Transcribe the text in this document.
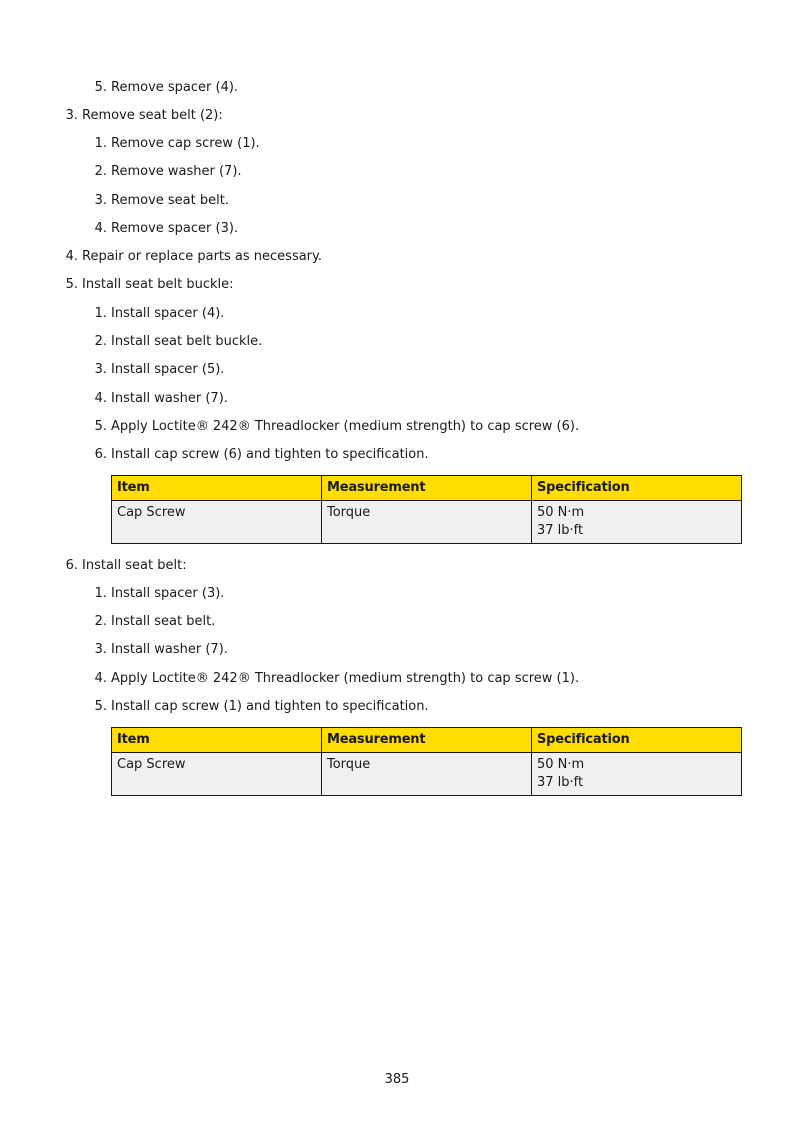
5. Remove spacer (4).
3. Remove seat belt (2):
1. Remove cap screw (1).
2. Remove washer (7).
3. Remove seat belt.
4. Remove spacer (3).
4. Repair or replace parts as necessary.
5. Install seat belt buckle:
1. Install spacer (4).
2. Install seat belt buckle.
3. Install spacer (5).
4. Install washer (7).
5. Apply Loctite® 242® Threadlocker (medium strength) to cap screw (6).
6. Install cap screw (6) and tighten to specification.
Item	Measurement	Specification
Cap Screw	Torque	50 N·m
37 lb·ft
6. Install seat belt:
1. Install spacer (3).
2. Install seat belt.
3. Install washer (7).
4. Apply Loctite® 242® Threadlocker (medium strength) to cap screw (1).
5. Install cap screw (1) and tighten to specification.
Item	Measurement	Specification
Cap Screw	Torque	50 N·m
37 lb·ft
385
